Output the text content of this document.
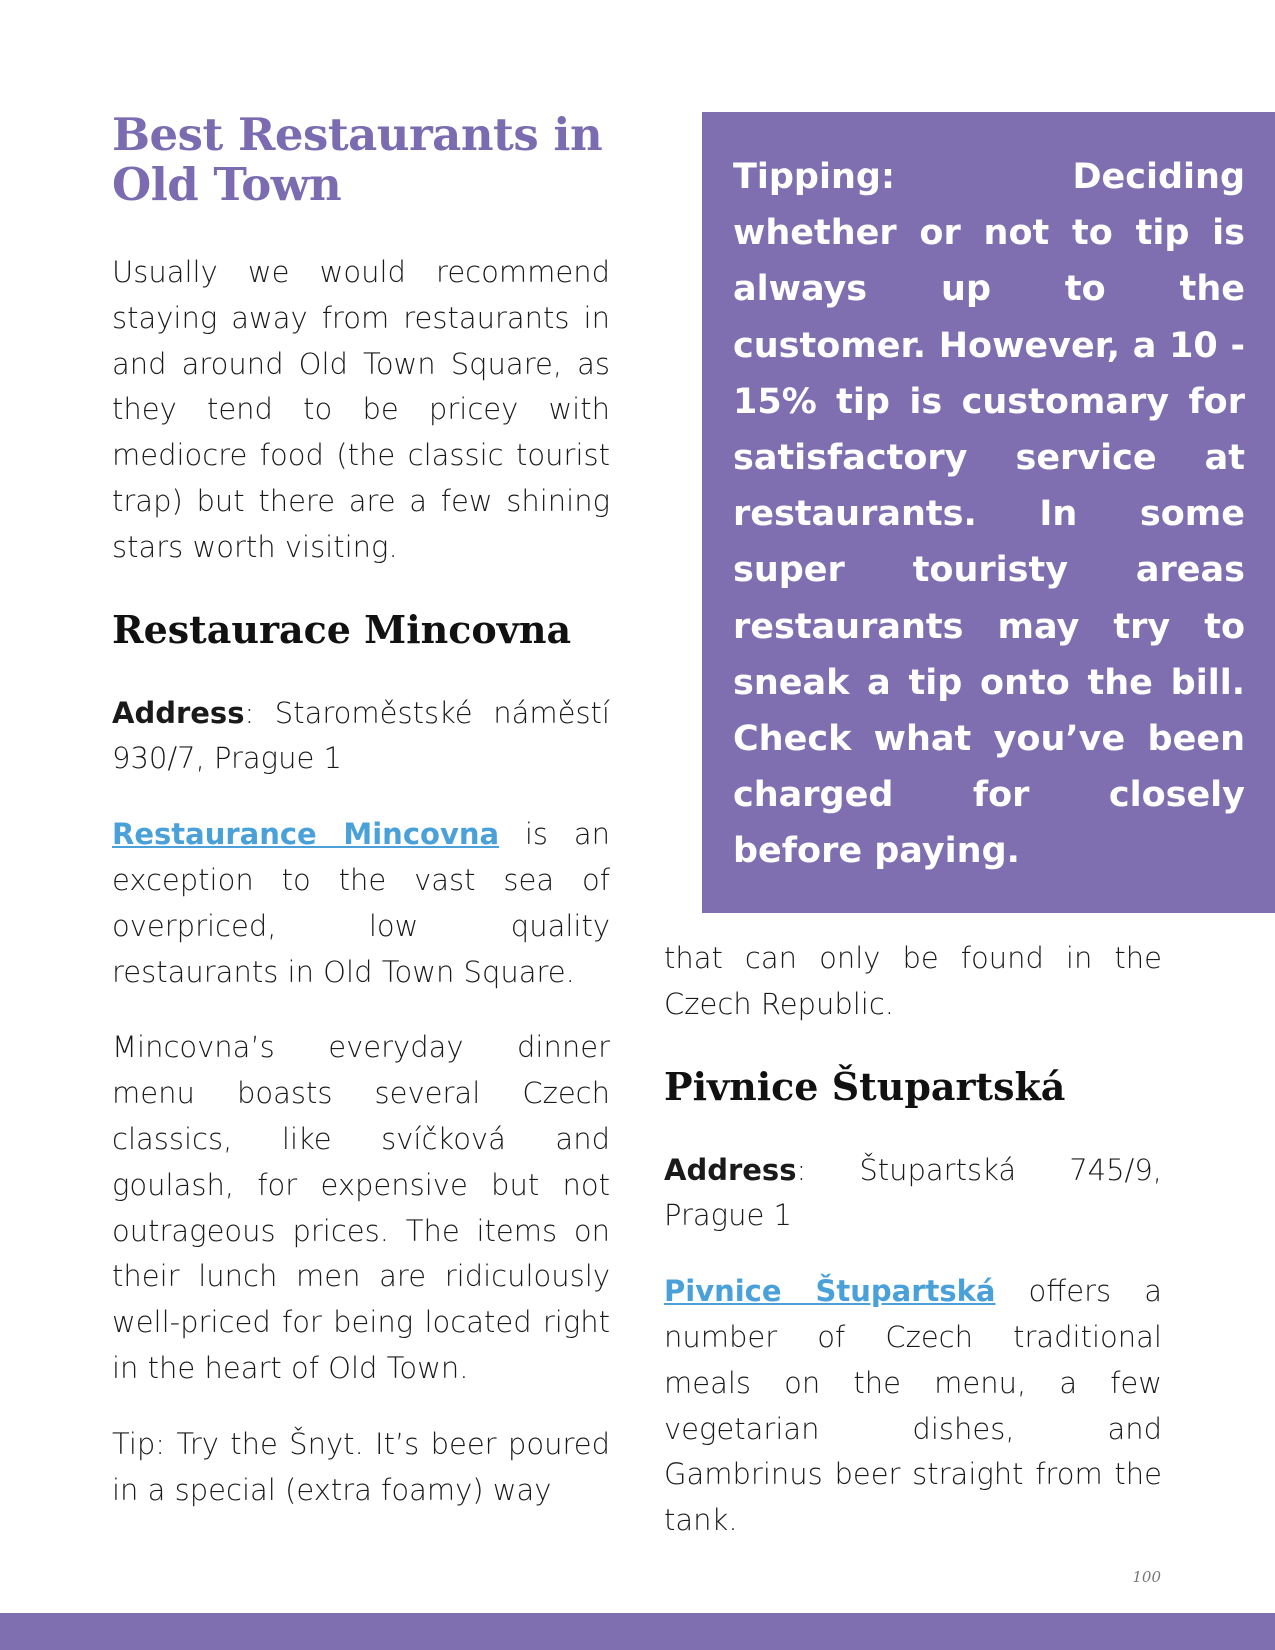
Best Restaurants in Old Town

Usually we would recommend staying away from restaurants in and around Old Town Square, as they tend to be pricey with mediocre food (the classic tourist trap) but there are a few shining stars worth visiting.

Restaurace Mincovna

Address: Staroměstské náměstí 930/7, Prague 1

Restaurance Mincovna is an exception to the vast sea of overpriced, low quality restaurants in Old Town Square.

Mincovna’s everyday dinner menu boasts several Czech classics, like svíčková and goulash, for expensive but not outrageous prices. The items on their lunch men are ridiculously well-priced for being located right in the heart of Old Town.

Tip: Try the Šnyt. It’s beer poured in a special (extra foamy) way

Tipping: Deciding whether or not to tip is always up to the customer. However, a 10 - 15% tip is customary for satisfactory service at restaurants. In some super touristy areas restaurants may try to sneak a tip onto the bill. Check what you’ve been charged for closely before paying.

that can only be found in the Czech Republic.

Pivnice Štupartská

Address: Štupartská 745/9, Prague 1

Pivnice Štupartská offers a number of Czech traditional meals on the menu, a few vegetarian dishes, and Gambrinus beer straight from the tank.

100
